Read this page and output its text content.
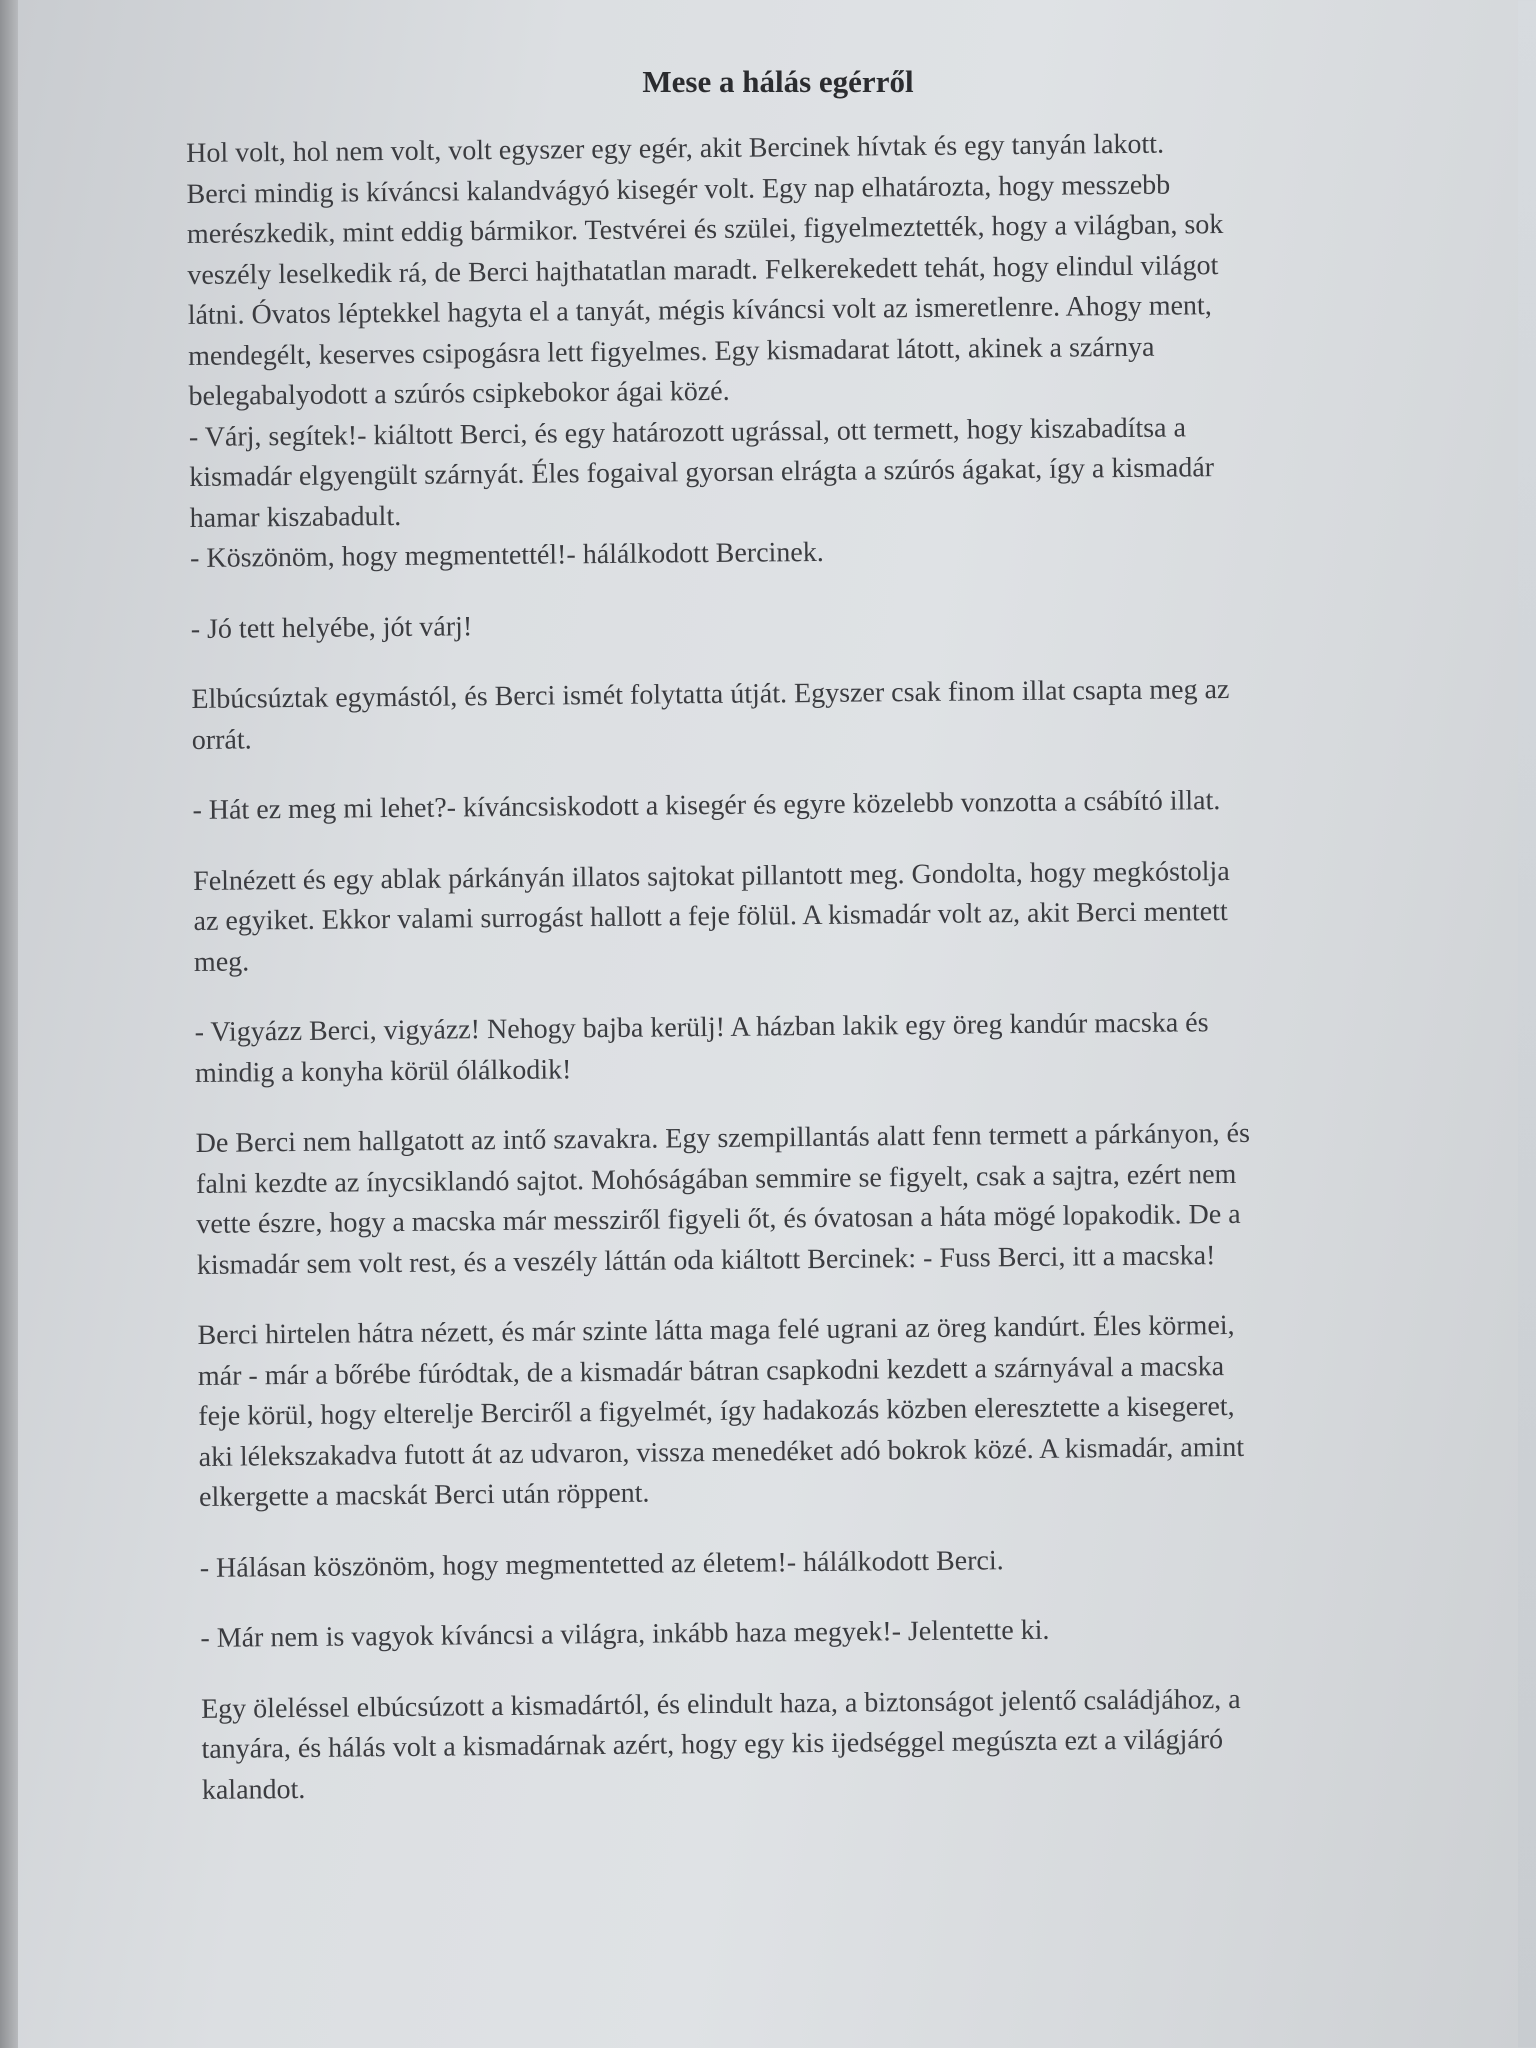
Mese a hálás egérről
Hol volt, hol nem volt, volt egyszer egy egér, akit Bercinek hívtak és egy tanyán lakott.
Berci mindig is kíváncsi kalandvágyó kisegér volt. Egy nap elhatározta, hogy messzebb
merészkedik, mint eddig bármikor. Testvérei és szülei, figyelmeztették, hogy a világban, sok
veszély leselkedik rá, de Berci hajthatatlan maradt. Felkerekedett tehát, hogy elindul világot
látni. Óvatos léptekkel hagyta el a tanyát, mégis kíváncsi volt az ismeretlenre. Ahogy ment,
mendegélt, keserves csipogásra lett figyelmes. Egy kismadarat látott, akinek a szárnya
belegabalyodott a szúrós csipkebokor ágai közé.
- Várj, segítek!- kiáltott Berci, és egy határozott ugrással, ott termett, hogy kiszabadítsa a
kismadár elgyengült szárnyát. Éles fogaival gyorsan elrágta a szúrós ágakat, így a kismadár
hamar kiszabadult.
- Köszönöm, hogy megmentettél!- hálálkodott Bercinek.
- Jó tett helyébe, jót várj!
Elbúcsúztak egymástól, és Berci ismét folytatta útját. Egyszer csak finom illat csapta meg az
orrát.
- Hát ez meg mi lehet?- kíváncsiskodott a kisegér és egyre közelebb vonzotta a csábító illat.
Felnézett és egy ablak párkányán illatos sajtokat pillantott meg. Gondolta, hogy megkóstolja
az egyiket. Ekkor valami surrogást hallott a feje fölül. A kismadár volt az, akit Berci mentett
meg.
- Vigyázz Berci, vigyázz! Nehogy bajba kerülj! A házban lakik egy öreg kandúr macska és
mindig a konyha körül ólálkodik!
De Berci nem hallgatott az intő szavakra. Egy szempillantás alatt fenn termett a párkányon, és
falni kezdte az ínycsiklandó sajtot. Mohóságában semmire se figyelt, csak a sajtra, ezért nem
vette észre, hogy a macska már messziről figyeli őt, és óvatosan a háta mögé lopakodik. De a
kismadár sem volt rest, és a veszély láttán oda kiáltott Bercinek: - Fuss Berci, itt a macska!
Berci hirtelen hátra nézett, és már szinte látta maga felé ugrani az öreg kandúrt. Éles körmei,
már - már a bőrébe fúródtak, de a kismadár bátran csapkodni kezdett a szárnyával a macska
feje körül, hogy elterelje Berciről a figyelmét, így hadakozás közben eleresztette a kisegeret,
aki lélekszakadva futott át az udvaron, vissza menedéket adó bokrok közé. A kismadár, amint
elkergette a macskát Berci után röppent.
- Hálásan köszönöm, hogy megmentetted az életem!- hálálkodott Berci.
- Már nem is vagyok kíváncsi a világra, inkább haza megyek!- Jelentette ki.
Egy öleléssel elbúcsúzott a kismadártól, és elindult haza, a biztonságot jelentő családjához, a
tanyára, és hálás volt a kismadárnak azért, hogy egy kis ijedséggel megúszta ezt a világjáró
kalandot.
